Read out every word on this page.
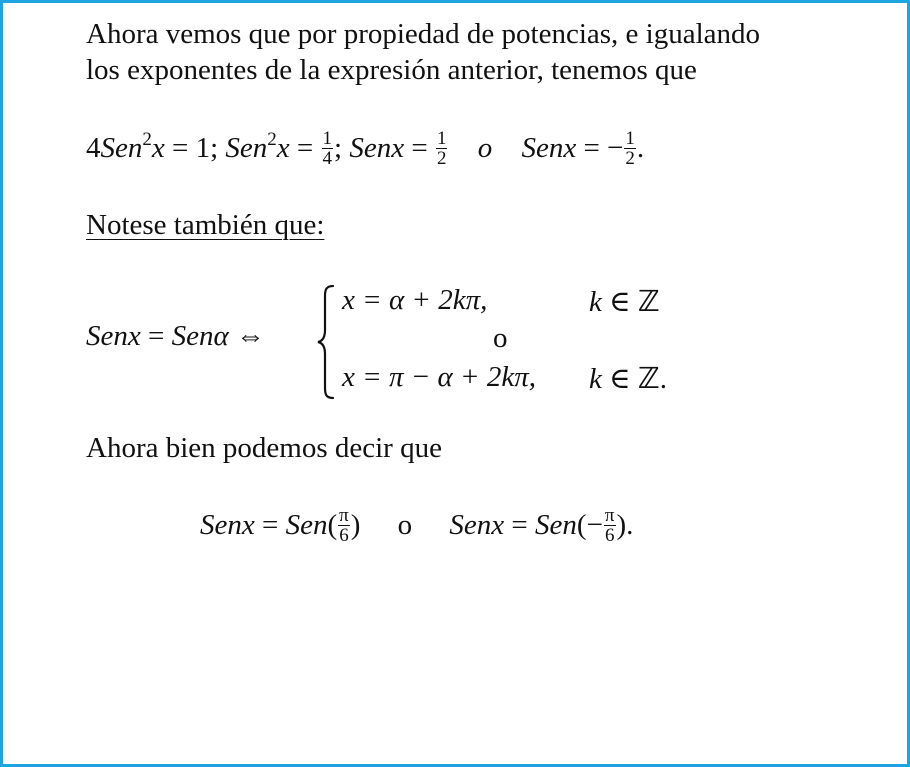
Ahora vemos que por propiedad de potencias, e igualando
los exponentes de la expresión anterior, tenemos que
4Sen$^2$x = 1; $Sen^2x = \frac{1}{4}$ ; Senx = $\frac{1}{2}$ o Senx = − $\frac{1}{2}$ .
Notese también que:
Senx = Senα ⇔
x = α + 2kπ,	k ∈ ℤ
o
x = π − α + 2kπ, k ∈ ℤ.
Ahora bien podemos decir que
Senx = $Sen( \frac{\pi}{6}$ ) o Senx = $Sen(- \frac{\pi}{6}$ ).
